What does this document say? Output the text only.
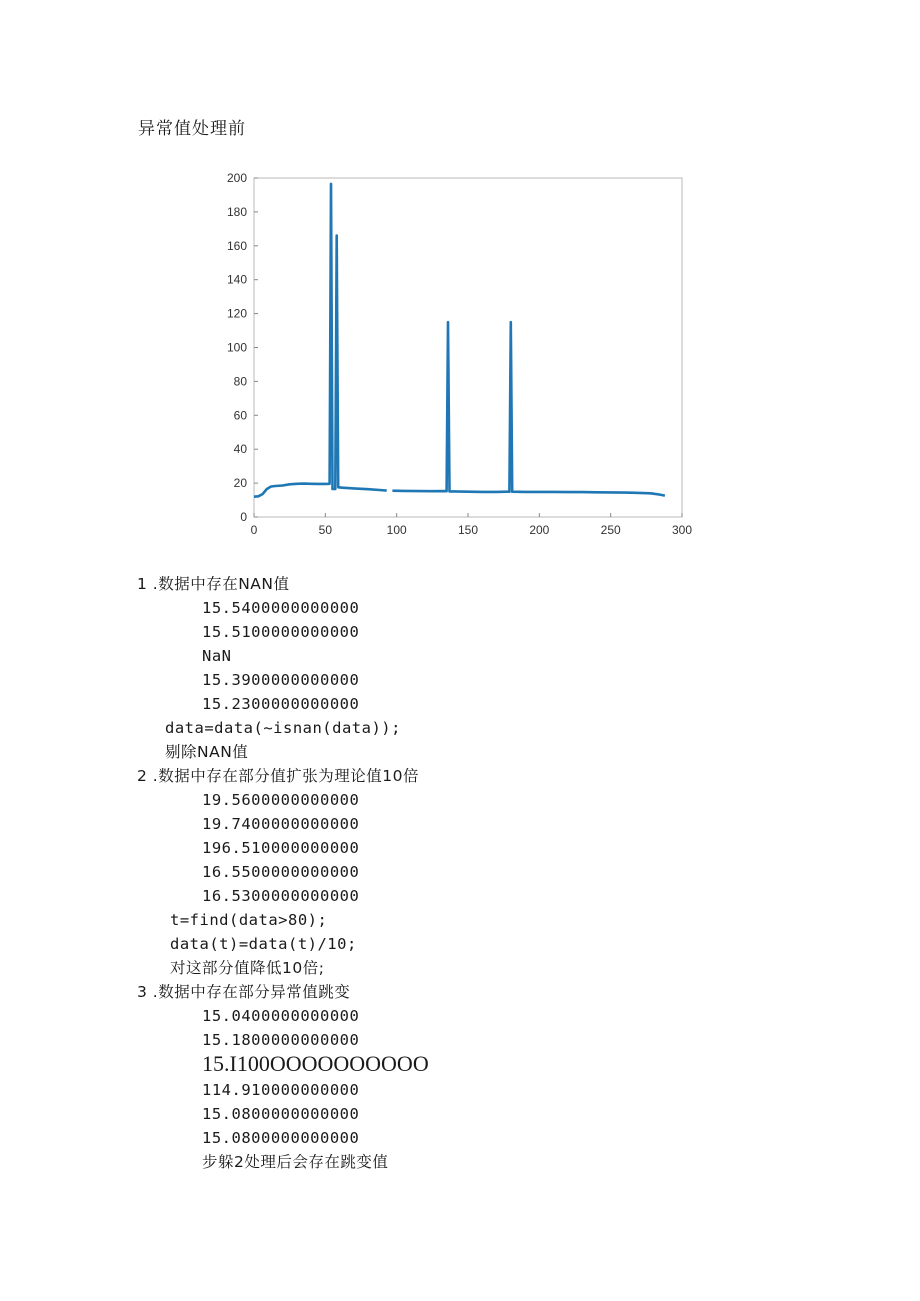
异常值处理前
0	50	100	150	200	250	300
0
20
40
60
80
100
120
140
160
180
200
1 .数据中存在NAN值
15.5400000000000
15.5100000000000
NaN
15.3900000000000
15.2300000000000
data=data(~isnan(data));
剔除NAN值
2 .数据中存在部分值扩张为理论值10倍
19.5600000000000
19.7400000000000
196.510000000000
16.5500000000000
16.5300000000000
t=find(data>80);
data(t)=data(t)/10;
对这部分值降低10倍;
3 .数据中存在部分异常值跳变
15.0400000000000
15.1800000000000
15.I100OOOOOOOOOO
114.910000000000
15.0800000000000
15.0800000000000
步躲2处理后会存在跳变值
